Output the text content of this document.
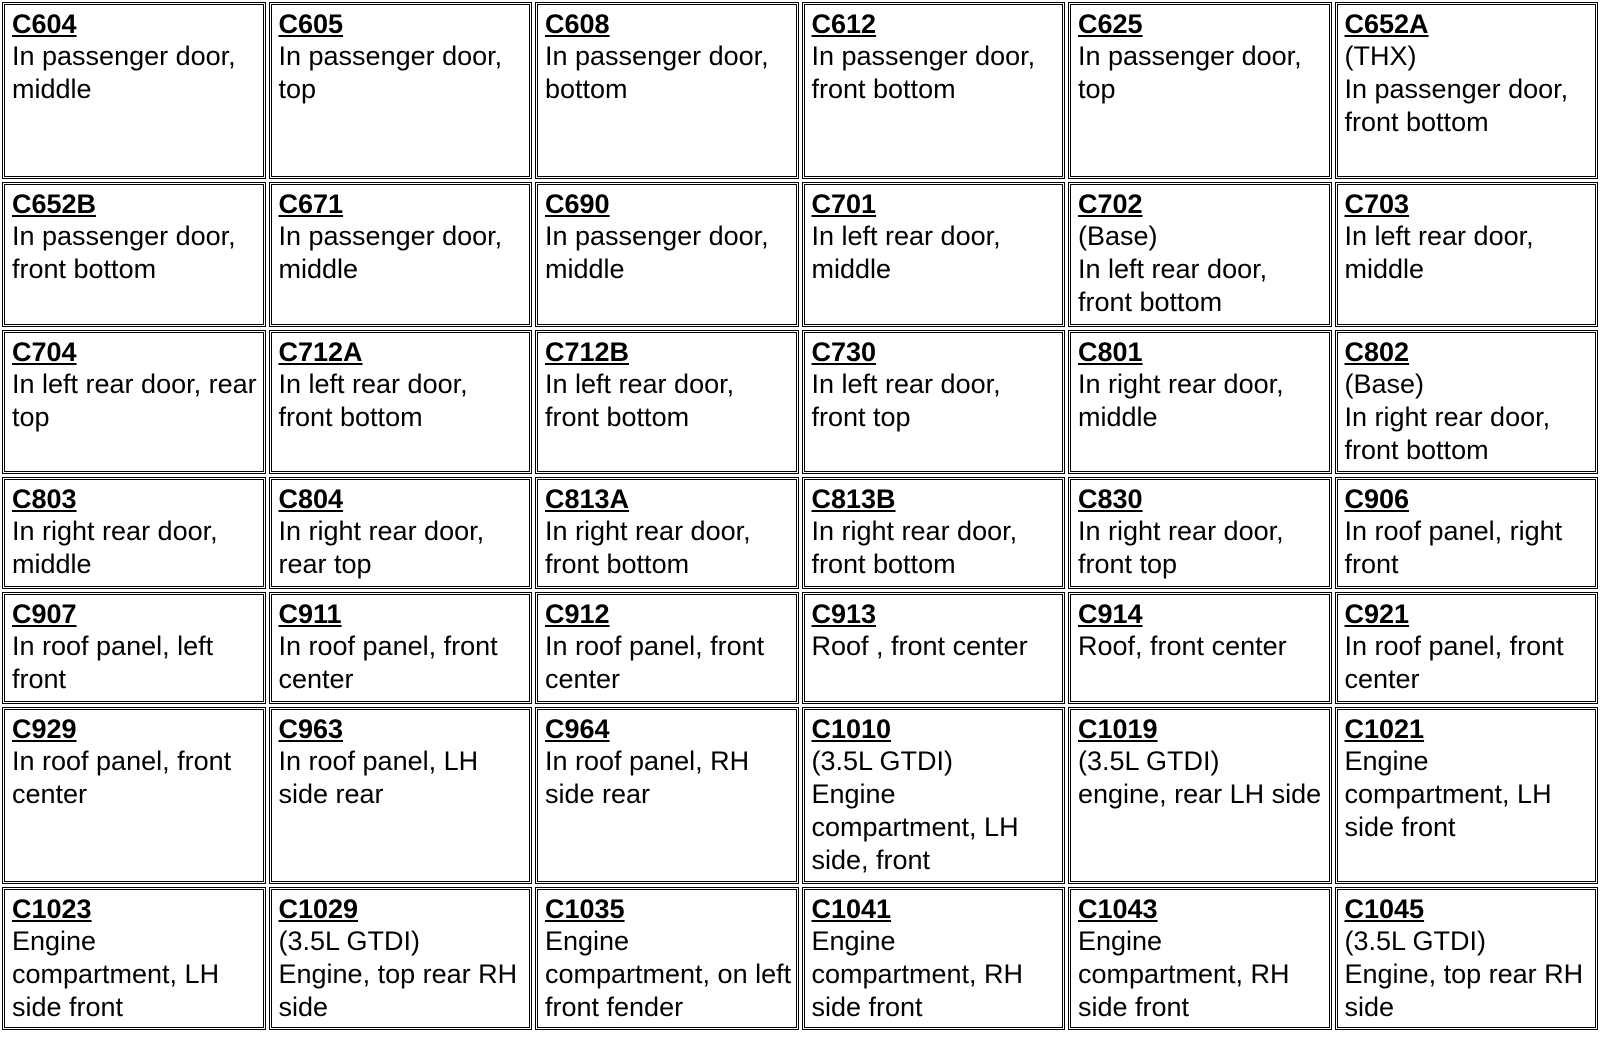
C604
In passenger door, middle
C605
In passenger door, top
C608
In passenger door, bottom
C612
In passenger door, front bottom
C625
In passenger door, top
C652A
(THX)
In passenger door, front bottom
C652B
In passenger door, front bottom
C671
In passenger door, middle
C690
In passenger door, middle
C701
In left rear door, middle
C702
(Base)
In left rear door, front bottom
C703
In left rear door, middle
C704
In left rear door, rear top
C712A
In left rear door, front bottom
C712B
In left rear door, front bottom
C730
In left rear door, front top
C801
In right rear door, middle
C802
(Base)
In right rear door, front bottom
C803
In right rear door, middle
C804
In right rear door, rear top
C813A
In right rear door, front bottom
C813B
In right rear door, front bottom
C830
In right rear door, front top
C906
In roof panel, right front
C907
In roof panel, left front
C911
In roof panel, front center
C912
In roof panel, front center
C913
Roof , front center
C914
Roof, front center
C921
In roof panel, front center
C929
In roof panel, front center
C963
In roof panel, LH side rear
C964
In roof panel, RH side rear
C1010
(3.5L GTDI)
Engine compartment, LH side, front
C1019
(3.5L GTDI)
engine, rear LH side
C1021
Engine compartment, LH side front
C1023
Engine compartment, LH side front
C1029
(3.5L GTDI)
Engine, top rear RH side
C1035
Engine compartment, on left front fender
C1041
Engine compartment, RH side front
C1043
Engine compartment, RH side front
C1045
(3.5L GTDI)
Engine, top rear RH side
